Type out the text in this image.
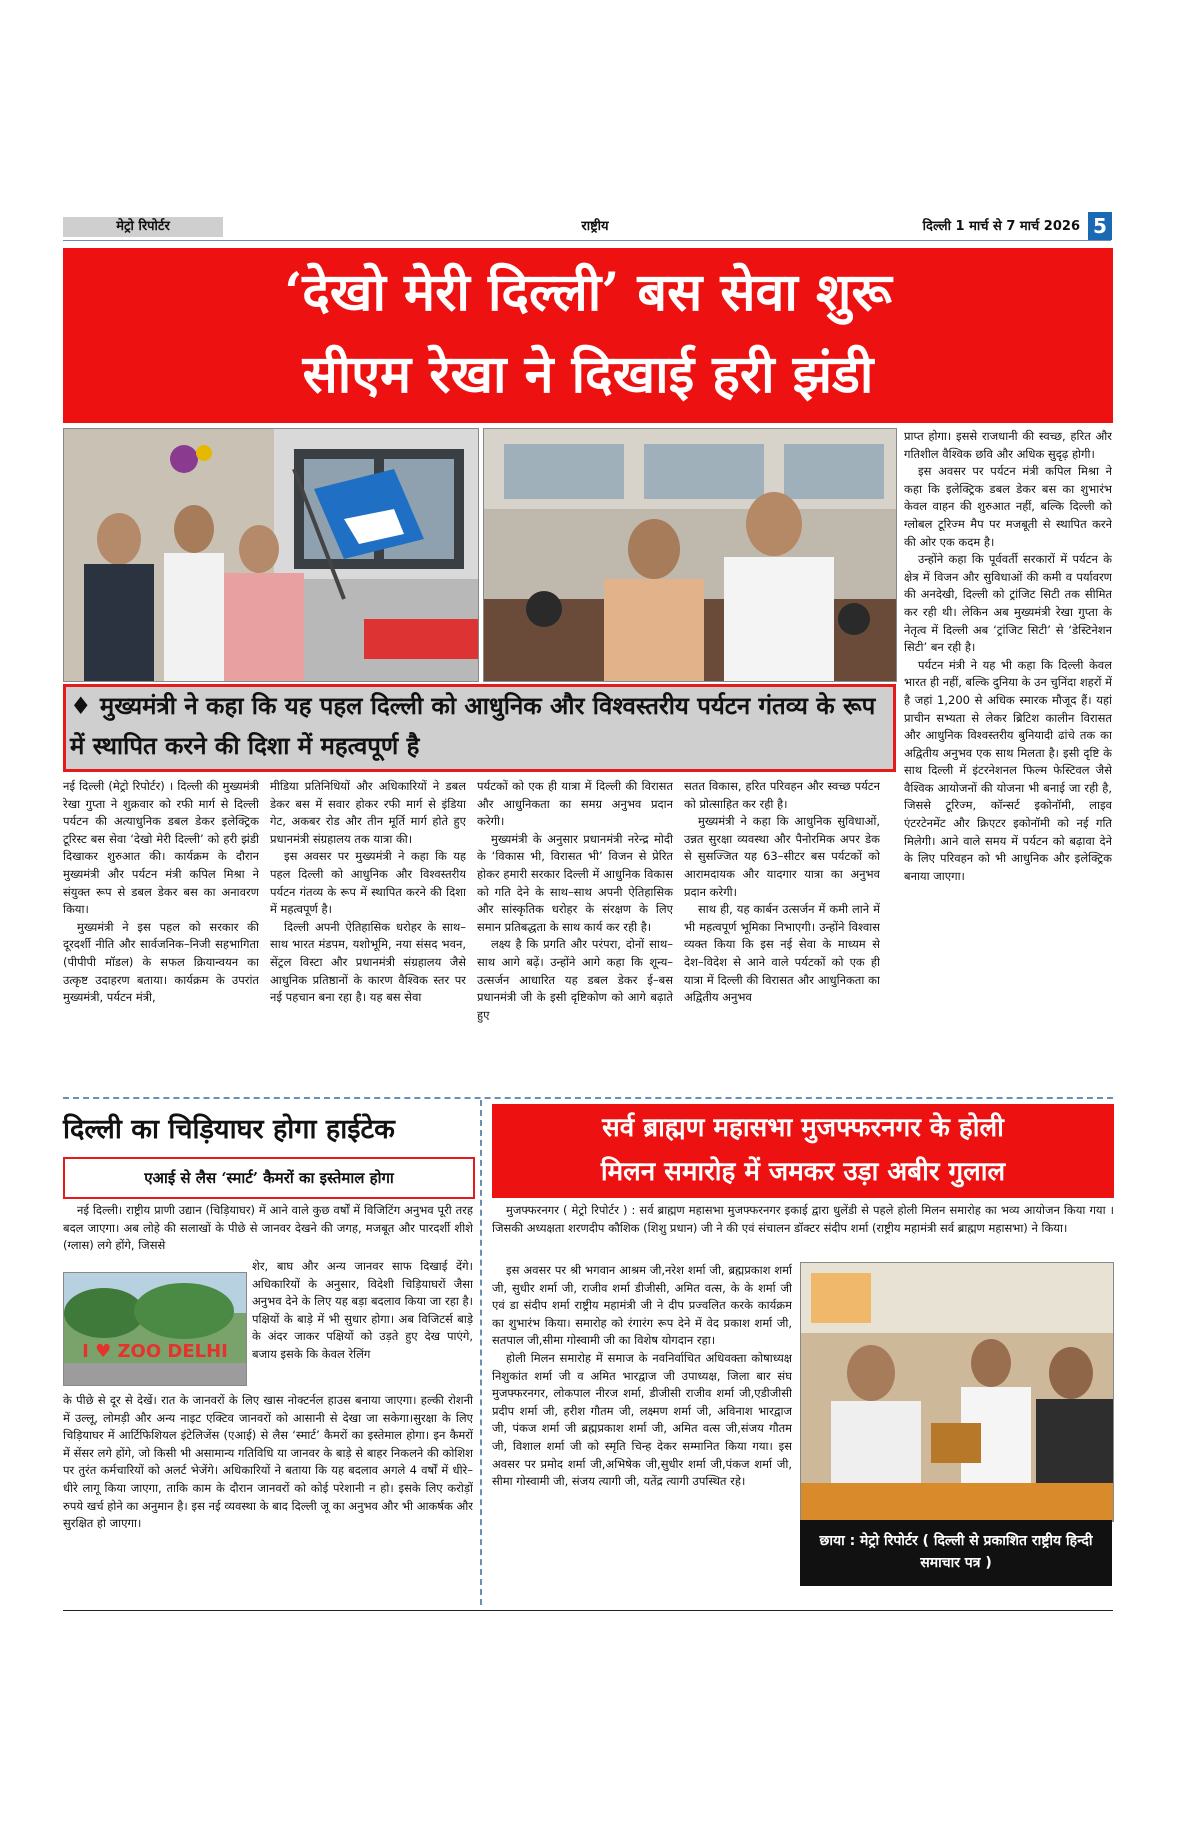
मेट्रो रिपोर्टर	राष्ट्रीय	दिल्ली 1 मार्च से 7 मार्च 2026 5
‘देखो मेरी दिल्ली’ बस सेवा शुरू
सीएम रेखा ने दिखाई हरी झंडी
♦ मुख्यमंत्री ने कहा कि यह पहल दिल्ली को आधुनिक और विश्वस्तरीय पर्यटन गंतव्य के रूप में स्थापित करने की दिशा में महत्वपूर्ण है

नई दिल्ली (मेट्रो रिपोर्टर) । दिल्ली की मुख्यमंत्री रेखा गुप्ता ने शुक्रवार को रफी मार्ग से दिल्ली पर्यटन की अत्याधुनिक डबल डेकर इलेक्ट्रिक टूरिस्ट बस सेवा ‘देखो मेरी दिल्ली’ को हरी झंडी दिखाकर शुरुआत की। कार्यक्रम के दौरान मुख्यमंत्री और पर्यटन मंत्री कपिल मिश्रा ने संयुक्त रूप से डबल डेकर बस का अनावरण किया।

मुख्यमंत्री ने इस पहल को सरकार की दूरदर्शी नीति और सार्वजनिक–निजी सहभागिता (पीपीपी मॉडल) के सफल क्रियान्वयन का उत्कृष्ट उदाहरण बताया। कार्यक्रम के उपरांत मुख्यमंत्री, पर्यटन मंत्री,

मीडिया प्रतिनिधियों और अधिकारियों ने डबल डेकर बस में सवार होकर रफी मार्ग से इंडिया गेट, अकबर रोड और तीन मूर्ति मार्ग होते हुए प्रधानमंत्री संग्रहालय तक यात्रा की।

इस अवसर पर मुख्यमंत्री ने कहा कि यह पहल दिल्ली को आधुनिक और विश्वस्तरीय पर्यटन गंतव्य के रूप में स्थापित करने की दिशा में महत्वपूर्ण है।

दिल्ली अपनी ऐतिहासिक धरोहर के साथ–साथ भारत मंडपम, यशोभूमि, नया संसद भवन, सेंट्रल विस्टा और प्रधानमंत्री संग्रहालय जैसे आधुनिक प्रतिष्ठानों के कारण वैश्विक स्तर पर नई पहचान बना रहा है। यह बस सेवा

पर्यटकों को एक ही यात्रा में दिल्ली की विरासत और आधुनिकता का समग्र अनुभव प्रदान करेगी।

मुख्यमंत्री के अनुसार प्रधानमंत्री नरेन्द्र मोदी के ‘विकास भी, विरासत भी’ विजन से प्रेरित होकर हमारी सरकार दिल्ली में आधुनिक विकास को गति देने के साथ–साथ अपनी ऐतिहासिक और सांस्कृतिक धरोहर के संरक्षण के लिए समान प्रतिबद्धता के साथ कार्य कर रही है।

लक्ष्य है कि प्रगति और परंपरा, दोनों साथ–साथ आगे बढ़ें। उन्होंने आगे कहा कि शून्य–उत्सर्जन आधारित यह डबल डेकर ई–बस प्रधानमंत्री जी के इसी दृष्टिकोण को आगे बढ़ाते हुए

सतत विकास, हरित परिवहन और स्वच्छ पर्यटन को प्रोत्साहित कर रही है।

मुख्यमंत्री ने कहा कि आधुनिक सुविधाओं, उन्नत सुरक्षा व्यवस्था और पैनोरमिक अपर डेक से सुसज्जित यह 63–सीटर बस पर्यटकों को आरामदायक और यादगार यात्रा का अनुभव प्रदान करेगी।

साथ ही, यह कार्बन उत्सर्जन में कमी लाने में भी महत्वपूर्ण भूमिका निभाएगी। उन्होंने विश्वास व्यक्त किया कि इस नई सेवा के माध्यम से देश–विदेश से आने वाले पर्यटकों को एक ही यात्रा में दिल्ली की विरासत और आधुनिकता का अद्वितीय अनुभव

प्राप्त होगा। इससे राजधानी की स्वच्छ, हरित और गतिशील वैश्विक छवि और अधिक सुदृढ़ होगी।

इस अवसर पर पर्यटन मंत्री कपिल मिश्रा ने कहा कि इलेक्ट्रिक डबल डेकर बस का शुभारंभ केवल वाहन की शुरुआत नहीं, बल्कि दिल्ली को ग्लोबल टूरिज्म मैप पर मजबूती से स्थापित करने की ओर एक कदम है।

उन्होंने कहा कि पूर्ववर्ती सरकारों में पर्यटन के क्षेत्र में विजन और सुविधाओं की कमी व पर्यावरण की अनदेखी, दिल्ली को ट्रांजिट सिटी तक सीमित कर रही थी। लेकिन अब मुख्यमंत्री रेखा गुप्ता के नेतृत्व में दिल्ली अब ‘ट्रांजिट सिटी’ से ‘डेस्टिनेशन सिटी’ बन रही है।

पर्यटन मंत्री ने यह भी कहा कि दिल्ली केवल भारत ही नहीं, बल्कि दुनिया के उन चुनिंदा शहरों में है जहां 1,200 से अधिक स्मारक मौजूद हैं। यहां प्राचीन सभ्यता से लेकर ब्रिटिश कालीन विरासत और आधुनिक विश्वस्तरीय बुनियादी ढांचे तक का अद्वितीय अनुभव एक साथ मिलता है। इसी दृष्टि के साथ दिल्ली में इंटरनेशनल फिल्म फेस्टिवल जैसे वैश्विक आयोजनों की योजना भी बनाई जा रही है, जिससे टूरिज्म, कॉन्सर्ट इकोनॉमी, लाइव एंटरटेनमेंट और क्रिएटर इकोनॉमी को नई गति मिलेगी। आने वाले समय में पर्यटन को बढ़ावा देने के लिए परिवहन को भी आधुनिक और इलेक्ट्रिक बनाया जाएगा।

दिल्ली का चिड़ियाघर होगा हाईटेक
एआई से लैस ‘स्मार्ट’ कैमरों का इस्तेमाल होगा

नई दिल्ली। राष्ट्रीय प्राणी उद्यान (चिड़ियाघर) में आने वाले कुछ वर्षों में विजिटिंग अनुभव पूरी तरह बदल जाएगा। अब लोहे की सलाखों के पीछे से जानवर देखने की जगह, मजबूत और पारदर्शी शीशे (ग्लास) लगे होंगे, जिससे

I ♥ ZOO DELHI

शेर, बाघ और अन्य जानवर साफ दिखाई देंगे। अधिकारियों के अनुसार, विदेशी चिड़ियाघरों जैसा अनुभव देने के लिए यह बड़ा बदलाव किया जा रहा है। पक्षियों के बाड़े में भी सुधार होगा। अब विजिटर्स बाड़े के अंदर जाकर पक्षियों को उड़ते हुए देख पाएंगे, बजाय इसके कि केवल रेलिंग

के पीछे से दूर से देखें। रात के जानवरों के लिए खास नोक्टर्नल हाउस बनाया जाएगा। हल्की रोशनी में उल्लू, लोमड़ी और अन्य नाइट एक्टिव जानवरों को आसानी से देखा जा सकेगा।सुरक्षा के लिए चिड़ियाघर में आर्टिफिशियल इंटेलिजेंस (एआई) से लैस ‘स्मार्ट’ कैमरों का इस्तेमाल होगा। इन कैमरों में सेंसर लगे होंगे, जो किसी भी असामान्य गतिविधि या जानवर के बाड़े से बाहर निकलने की कोशिश पर तुरंत कर्मचारियों को अलर्ट भेजेंगे। अधिकारियों ने बताया कि यह बदलाव अगले 4 वर्षों में धीरे–धीरे लागू किया जाएगा, ताकि काम के दौरान जानवरों को कोई परेशानी न हो। इसके लिए करोड़ों रुपये खर्च होने का अनुमान है। इस नई व्यवस्था के बाद दिल्ली जू का अनुभव और भी आकर्षक और सुरक्षित हो जाएगा।

सर्व ब्राह्मण महासभा मुजफ्फरनगर के होली
मिलन समारोह में जमकर उड़ा अबीर गुलाल

मुजफ्फरनगर ( मेट्रो रिपोर्टर ) : सर्व ब्राह्मण महासभा मुजफ्फरनगर इकाई द्वारा धुलेंडी से पहले होली मिलन समारोह का भव्य आयोजन किया गया । जिसकी अध्यक्षता शरणदीप कौशिक (शिशु प्रधान) जी ने की एवं संचालन डॉक्टर संदीप शर्मा (राष्ट्रीय महामंत्री सर्व ब्राह्मण महासभा) ने किया।

इस अवसर पर श्री भगवान आश्रम जी,नरेश शर्मा जी, ब्रह्मप्रकाश शर्मा जी, सुधीर शर्मा जी, राजीव शर्मा डीजीसी, अमित वत्स, के के शर्मा जी एवं डा संदीप शर्मा राष्ट्रीय महामंत्री जी ने दीप प्रज्वलित करके कार्यक्रम का शुभारंभ किया। समारोह को रंगारंग रूप देने में वेद प्रकाश शर्मा जी, सतपाल जी,सीमा गोस्वामी जी का विशेष योगदान रहा।

होली मिलन समारोह में समाज के नवनिर्वाचित अधिवक्ता कोषाध्यक्ष निशुकांत शर्मा जी व अमित भारद्वाज जी उपाध्यक्ष, जिला बार संघ मुजफ्फरनगर, लोकपाल नीरज शर्मा, डीजीसी राजीव शर्मा जी,एडीजीसी प्रदीप शर्मा जी, हरीश गौतम जी, लक्ष्मण शर्मा जी, अविनाश भारद्वाज जी, पंकज शर्मा जी ब्रह्मप्रकाश शर्मा जी, अमित वत्स जी,संजय गौतम जी, विशाल शर्मा जी को स्मृति चिन्ह देकर सम्मानित किया गया। इस अवसर पर प्रमोद शर्मा जी,अभिषेक जी,सुधीर शर्मा जी,पंकज शर्मा जी, सीमा गोस्वामी जी, संजय त्यागी जी, यतेंद्र त्यागी उपस्थित रहे।

छाया : मेट्रो रिपोर्टर ( दिल्ली से प्रकाशित राष्ट्रीय हिन्दी समाचार पत्र )
